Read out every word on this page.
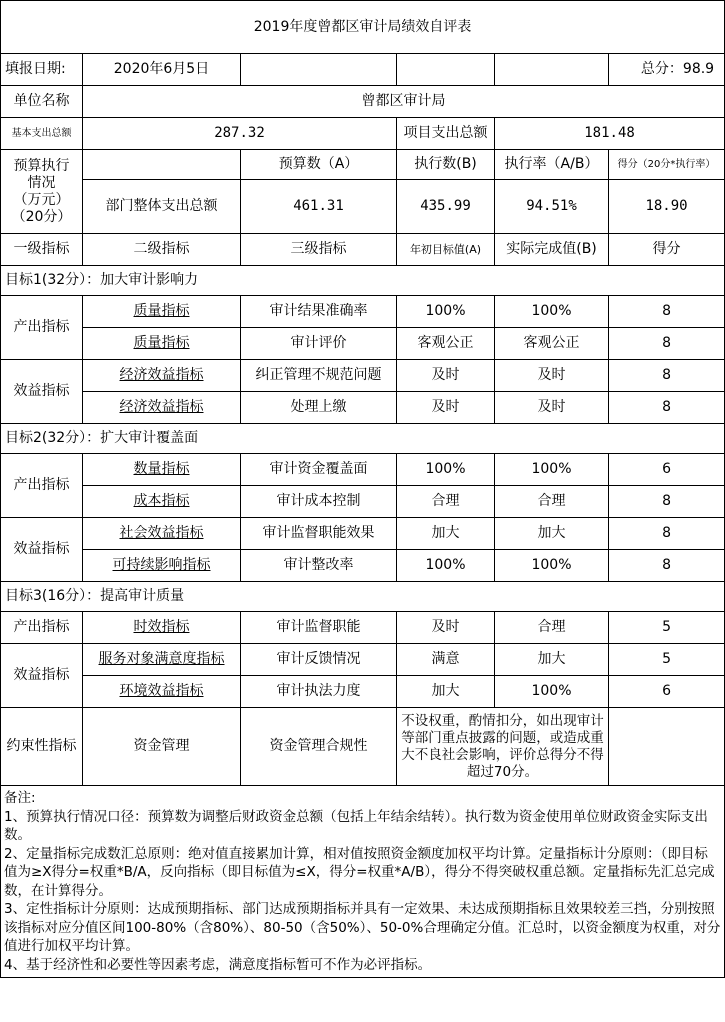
2019年度曾都区审计局绩效自评表					
填报日期:	2020年6月5日				总分：98.9
单位名称	曾都区审计局				
基本支出总额	287.32		项目支出总额	181.48	

预算执行
情况
（万元）
（20分）		预算数（A）	执行数(B)	执行率（A/B）	得分（20分*执行率）
	部门整体支出总额	461.31	435.99	94.51%	18.90
一级指标	二级指标	三级指标	年初目标值(A)	实际完成值(B)	得分
目标1(32分）：加大审计影响力					
产出指标	质量指标	审计结果准确率	100%	100%	8
	质量指标	审计评价	客观公正	客观公正	8
效益指标	经济效益指标	纠正管理不规范问题	及时	及时	8
	经济效益指标	处理上缴	及时	及时	8
目标2(32分）：扩大审计覆盖面					
产出指标	数量指标	审计资金覆盖面	100%	100%	6
	成本指标	审计成本控制	合理	合理	8
效益指标	社会效益指标	审计监督职能效果	加大	加大	8
	可持续影响指标	审计整改率	100%	100%	8
目标3(16分）：提高审计质量					
产出指标	时效指标	审计监督职能	及时	合理	5
效益指标	服务对象满意度指标	审计反馈情况	满意	加大	5
	环境效益指标	审计执法力度	加大	100%	6
约束性指标	资金管理	资金管理合规性	不设权重，酌情扣分，如出现审计等部门重点披露的问题，或造成重大不良社会影响，评价总得分不得超过70分。		

备注:
1、预算执行情况口径：预算数为调整后财政资金总额（包括上年结余结转）。执行数为资金使用单位财政资金实际支出数。
2、定量指标完成数汇总原则：绝对值直接累加计算，相对值按照资金额度加权平均计算。定量指标计分原则：（即目标值为≥X得分=权重*B/A，反向指标（即目标值为≤X，得分=权重*A/B），得分不得突破权重总额。定量指标先汇总完成数，在计算得分。
3、定性指标计分原则：达成预期指标、部门达成预期指标并具有一定效果、未达成预期指标且效果较差三挡，分别按照该指标对应分值区间100-80%（含80%）、80-50（含50%）、50-0%合理确定分值。汇总时，以资金额度为权重，对分值进行加权平均计算。
4、基于经济性和必要性等因素考虑，满意度指标暂可不作为必评指标。					
